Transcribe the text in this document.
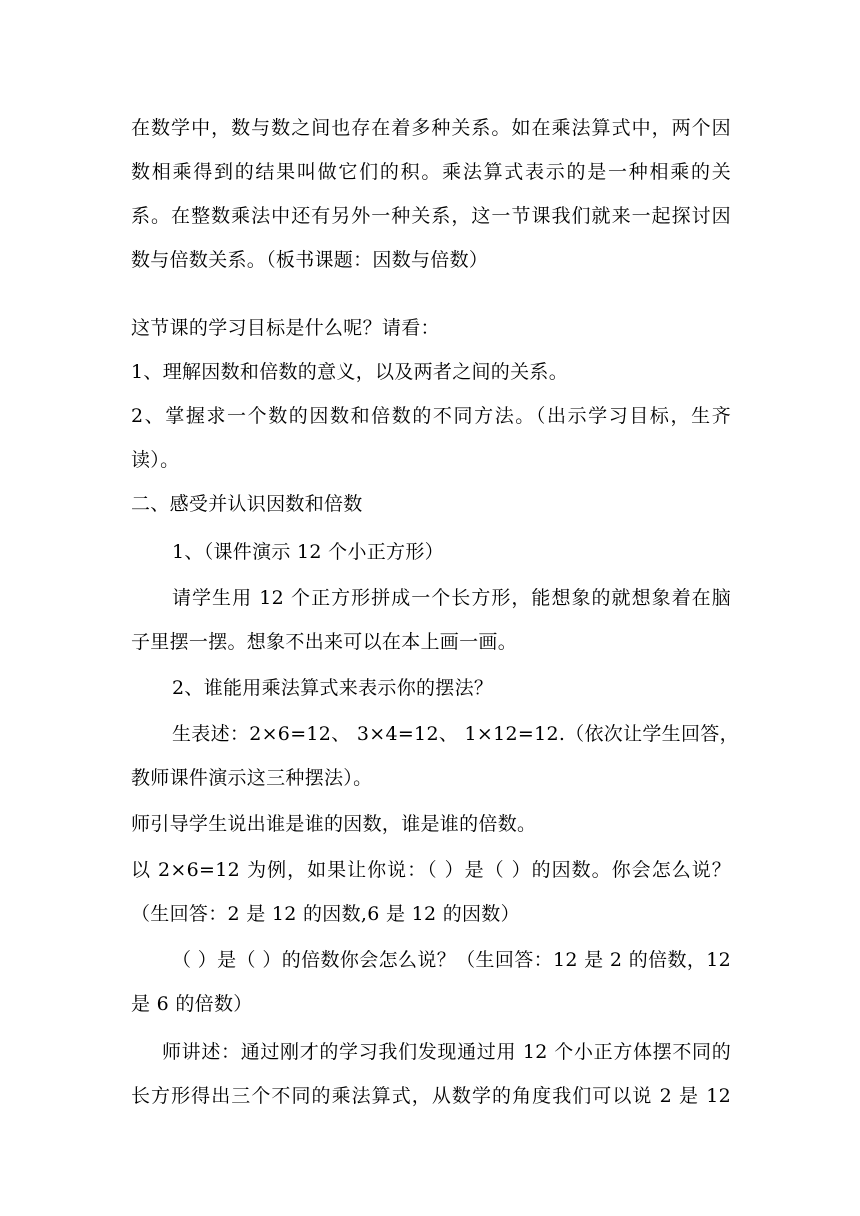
在数学中，数与数之间也存在着多种关系。如在乘法算式中，两个因
数相乘得到的结果叫做它们的积。乘法算式表示的是一种相乘的关
系。在整数乘法中还有另外一种关系，这一节课我们就来一起探讨因
数与倍数关系。（板书课题：因数与倍数）
这节课的学习目标是什么呢？请看：
1、理解因数和倍数的意义，以及两者之间的关系。
2、掌握求一个数的因数和倍数的不同方法。（出示学习目标，生齐
读）。
二、感受并认识因数和倍数
1、（课件演示 12 个小正方形）
请学生用 12 个正方形拼成一个长方形，能想象的就想象着在脑
子里摆一摆。想象不出来可以在本上画一画。
2、谁能用乘法算式来表示你的摆法？
生表述：2×6=12、 3×4=12、 1×12=12.（依次让学生回答，
教师课件演示这三种摆法）。
师引导学生说出谁是谁的因数，谁是谁的倍数。
以 2×6=12 为例，如果让你说：（ ）是（ ）的因数。你会怎么说？
（生回答：2 是 12 的因数,6 是 12 的因数）
（ ）是（ ）的倍数你会怎么说？（生回答：12 是 2 的倍数，12
是 6 的倍数）
师讲述：通过刚才的学习我们发现通过用 12 个小正方体摆不同的
长方形得出三个不同的乘法算式，从数学的角度我们可以说 2 是 12
